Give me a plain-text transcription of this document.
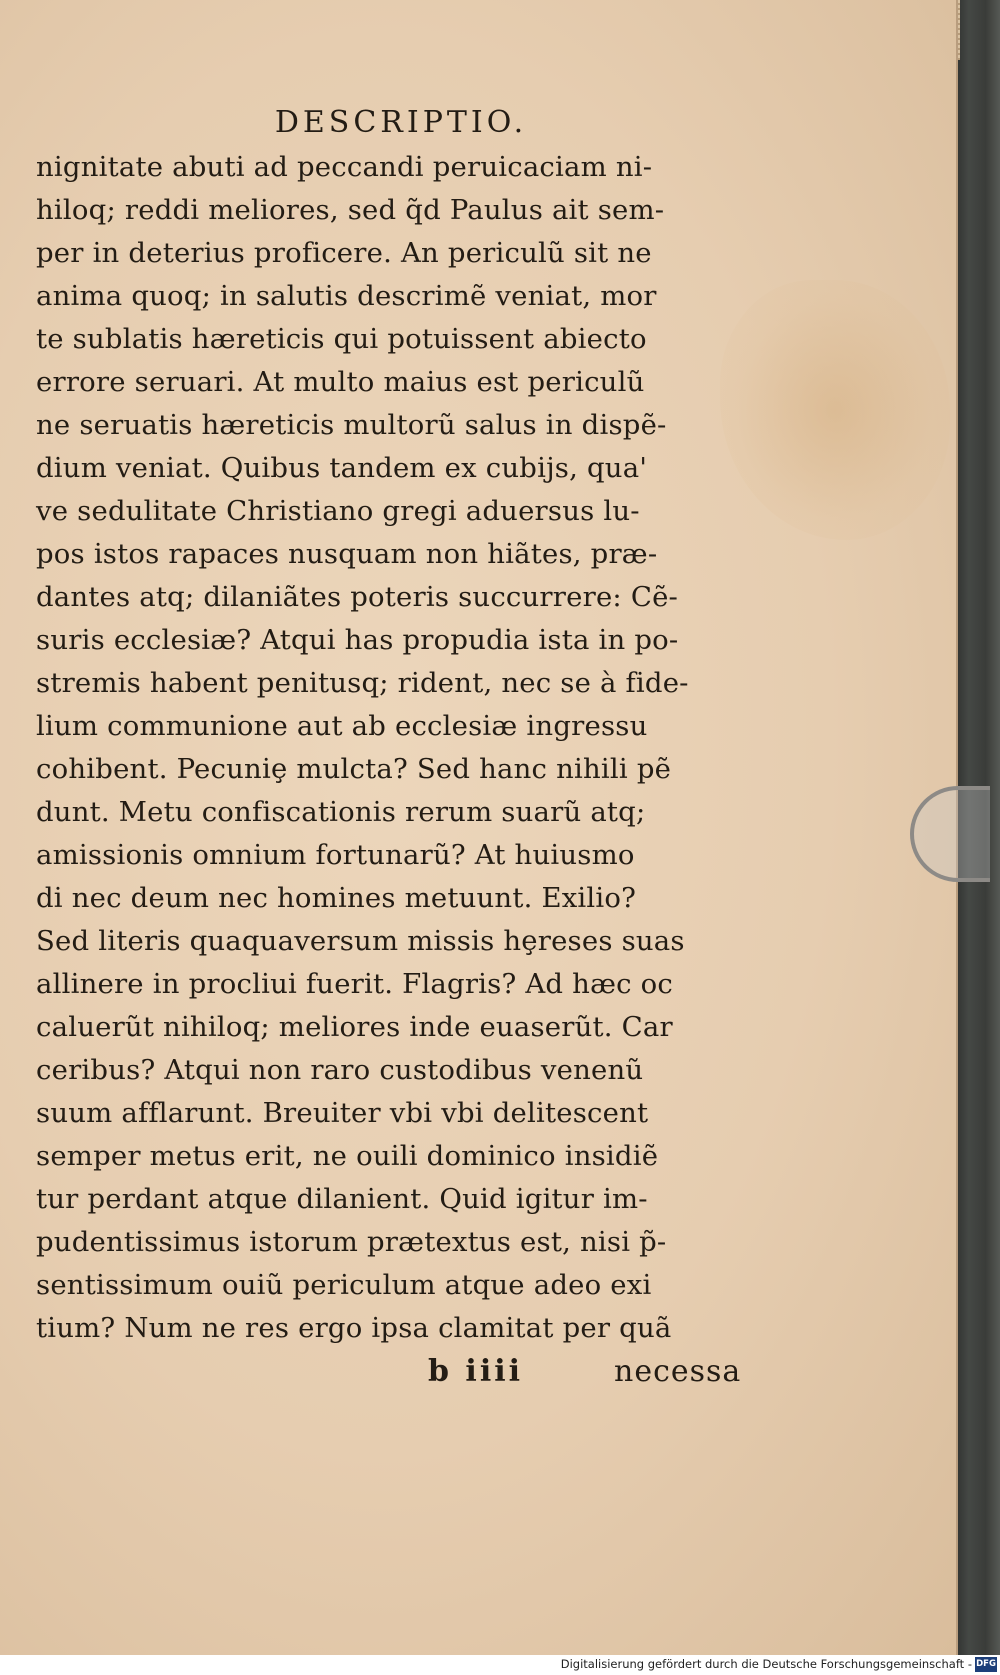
DESCRIPTIO.
nignitate abuti ad peccandi peruicaciam ni-
hiloq; reddi meliores, sed q̃d Paulus ait sem-
per in deterius proficere. An periculũ sit ne
anima quoq; in salutis descrimẽ veniat, mor
te sublatis hæreticis qui potuissent abiecto
errore seruari. At multo maius est periculũ
ne seruatis hæreticis multorũ salus in dispẽ-
dium veniat. Quibus tandem ex cubijs, qua'
ve sedulitate Christiano gregi aduersus lu-
pos istos rapaces nusquam non hiãtes, præ-
dantes atq; dilaniãtes poteris succurrere: Cẽ-
suris ecclesiæ? Atqui has propudia ista in po-
stremis habent penitusq; rident, nec se à fide-
lium communione aut ab ecclesiæ ingressu
cohibent. Pecuniȩ mulcta? Sed hanc nihili pẽ
dunt. Metu confiscationis rerum suarũ atq;
amissionis omnium fortunarũ? At huiusmo
di nec deum nec homines metuunt. Exilio?
Sed literis quaquaversum missis hȩreses suas
allinere in procliui fuerit. Flagris? Ad hæc oc
caluerũt nihiloq; meliores inde euaserũt. Car
ceribus? Atqui non raro custodibus venenũ
suum afflarunt. Breuiter vbi vbi delitescent
semper metus erit, ne ouili dominico insidiẽ
tur perdant atque dilanient. Quid igitur im-
pudentissimus istorum prætextus est, nisi p̃-
sentissimum ouiũ periculum atque adeo exi
tium? Num ne res ergo ipsa clamitat per quã
b iiii	necessa
Digitalisierung gefördert durch die Deutsche Forschungsgemeinschaft - DFG
